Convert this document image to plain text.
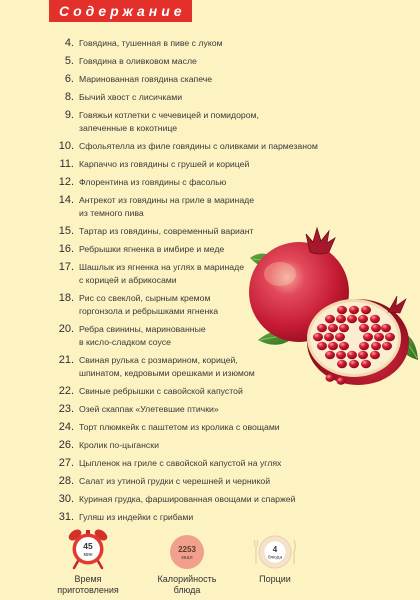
Содержание
4. Говядина, тушенная в пиве с луком
5. Говядина в оливковом масле
6. Маринованная говядина скапече
8. Бычий хвост с лисичками
9. Говяжьи котлетки с чечевицей и помидором,
запеченные в кокотнице
10. Сфольятелла из филе говядины с оливками и пармезаном
11. Карпаччо из говядины с грушей и корицей
12. Флорентина из говядины с фасолью
14. Антрекот из говядины на гриле в маринаде
из темного пива
15. Тартар из говядины, современный вариант
16. Ребрышки ягненка в имбире и меде
17. Шашлык из ягненка на углях в маринаде
с корицей и абрикосами
18. Рис со свеклой, сырным кремом
горгонзола и ребрышками ягненка
20. Ребра свинины, маринованные
в кисло-сладком соусе
21. Свиная рулька с розмарином, корицей,
шпинатом, кедровыми орешками и изюмом
22. Свиные ребрышки с савойской капустой
23. Озей скаппак «Улетевшие птички»
24. Торт плюмкейк с паштетом из кролика с овощами
26. Кролик по-цыгански
27. Цыпленок на гриле с савойской капустой на углях
28. Салат из утиной грудки с черешней и черникой
30. Куриная грудка, фаршированная овощами и спаржей
31. Гуляш из индейки с грибами
45
мин
Время
приготовления
2253
ккал
Калорийность
блюда
4
блюда
Порции
